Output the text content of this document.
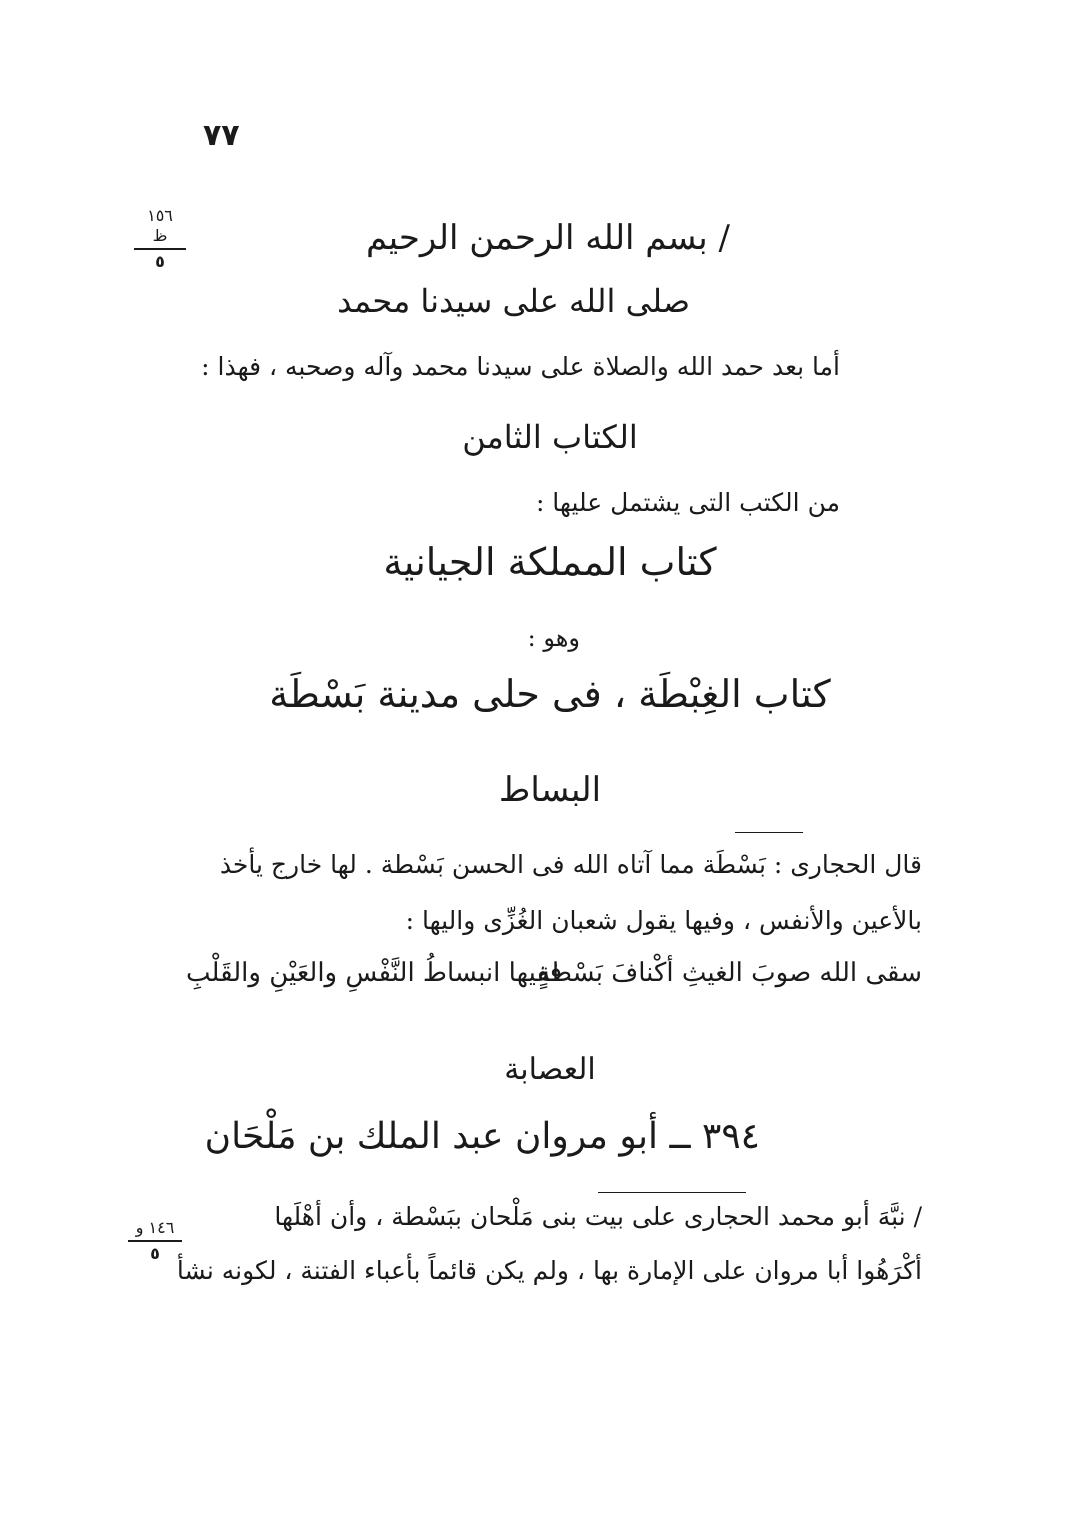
٧٧
١٥٦ ظ
٥
/ بسم الله الرحمن الرحيم
صلى الله على سيدنا محمد
أما بعد حمد الله والصلاة على سيدنا محمد وآله وصحبه ، فهذا :
الكتاب الثامن
من الكتب التى يشتمل عليها :
كتاب المملكة الجيانية
وهو :
كتاب الغِبْطَة ، فى حلى مدينة بَسْطَة
البساط
قال الحجارى : بَسْطَة مما آتاه الله فى الحسن بَسْطة . لها خارج يأخذ
بالأعين والأنفس ، وفيها يقول شعبان الغُزِّى واليها :
سقى الله صوبَ الغيثِ أكْنافَ بَسْطةٍ
ففيها انبساطُ النَّفْسِ والعَيْنِ والقَلْبِ
العصابة
٣٩٤ ــ أبو مروان عبد الملك بن مَلْحَان
/ نبَّهَ أبو محمد الحجارى على بيت بنى مَلْحان ببَسْطة ، وأن أهْلَها
أكْرَهُوا أبا مروان على الإمارة بها ، ولم يكن قائماً بأعباء الفتنة ، لكونه نشأ
١٤٦ و
٥
